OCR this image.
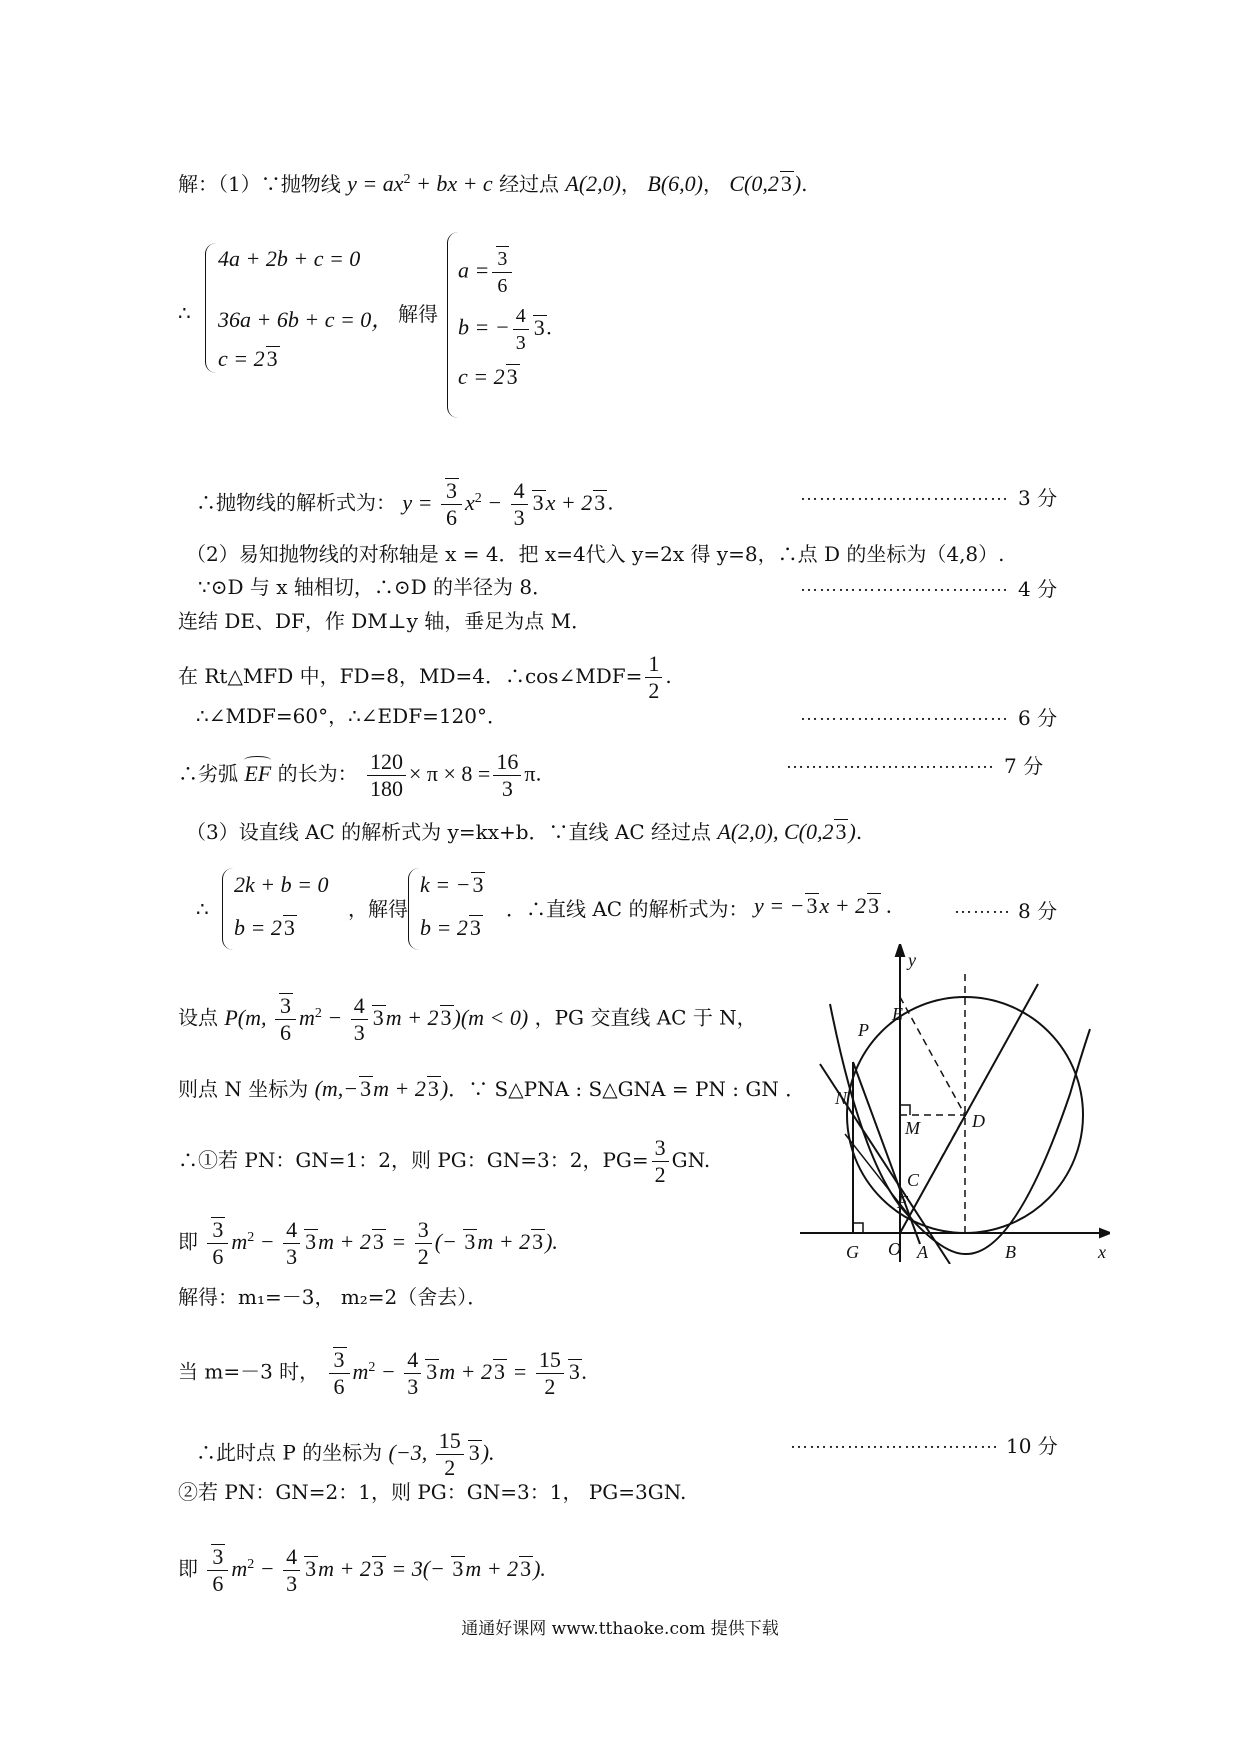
解：（1）∵抛物线 $y = ax^2$ + bx + c 经过点 A(2,0)， B(6,0)， C(0,23).
∴
4a + 2b + c = 0
36a + 6b + c = 0，
c = 23
解得
$a = \frac{3}{6}$
b = − $\frac{4}{3} 3$.
c = 23
∴抛物线的解析式为： $y = \frac{3}{6} x^2 - \frac{4}{3} 3x + 23$ .	…………………………… 3 分
（2）易知抛物线的对称轴是 x = 4．把 x=4代入 y=2x 得 y=8，∴点 D 的坐标为（4,8）.
∵⊙D 与 x 轴相切，∴⊙D 的半径为 8．	…………………………… 4 分
连结 DE、DF，作 DM⊥y 轴，垂足为点 M．
在 Rt△MFD 中，FD=8，MD=4．∴cos∠MDF= $\frac{1}{2}$ .
∴∠MDF=60°，∴∠EDF=120°．	…………………………… 6 分
∴劣弧 EF 的长为： $\frac{120}{180} \times \pi \times 8 = \frac{16}{3} \pi$.	…………………………… 7 分
（3）设直线 AC 的解析式为 y=kx+b．∵直线 AC 经过点 A(2,0), C(0,23).
∴
2k + b = 0
b = 23
，解得
k = −3
b = 23
．∴直线 AC 的解析式为： y = −3x + 23 .	……… 8 分
设点 P(m, $\frac{3}{6} m^2 - \frac{4}{3} 3m + 23)(m < 0)$ ，PG 交直线 AC 于 N，
则点 N 坐标为 (m,−3m + 23)．∵ S△PNA : S△GNA = PN : GN ．
∴①若 PN：GN=1：2，则 PG：GN=3：2，$PG= \frac{3}{2}$ GN.
即 $\frac{3}{6} m^2 - \frac{4}{3} 3m + 23 = \frac{3}{2}$ (− 3m + 23).
解得：m₁=－3， m₂=2（舍去）．
当 m=－3 时， $\frac{3}{6} m^2 - \frac{4}{3} 3m + 23 = \frac{15}{2} 3$.
∴此时点 P 的坐标为 (−3, $\frac{15}{2} 3$).	…………………………… 10 分
②若 PN：GN=2：1，则 PG：GN=3：1， PG=3GN.
即 $\frac{3}{6} m^2 - \frac{4}{3} 3m + 23 = 3(- 3m + 23)$.
y
x
E
P
N
M	D
C
F
G O A	B
通通好课网 www.tthaoke.com 提供下载
